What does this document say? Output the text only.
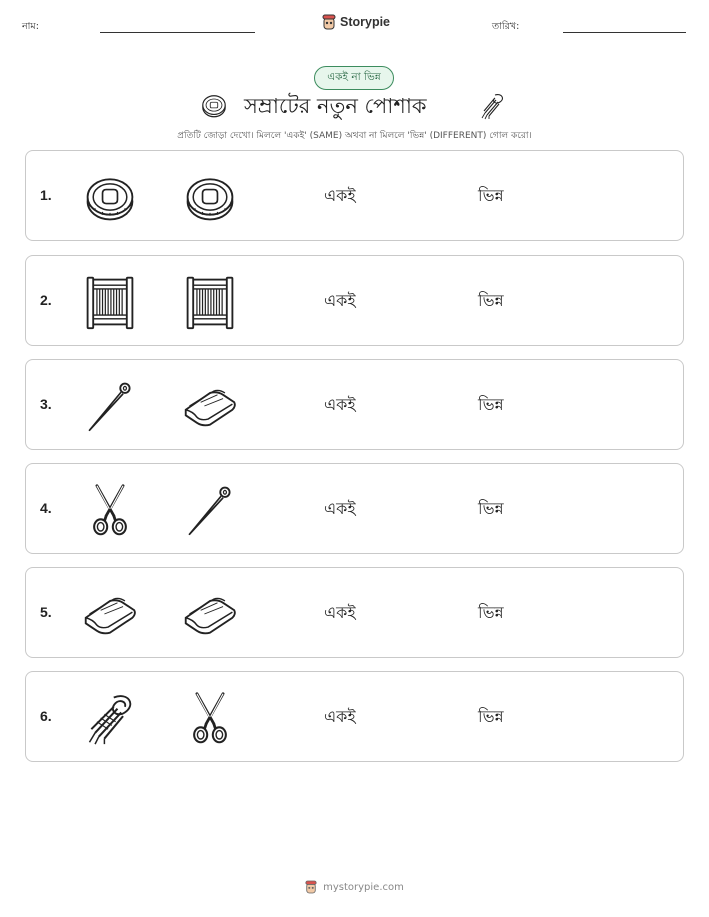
নাম:	Storypie	তারিখ:
একই না ভিন্ন
সম্রাটের নতুন পোশাক
প্রতিটি জোড়া দেখো। মিললে 'একই' (SAME) অথবা না মিললে 'ভিন্ন' (DIFFERENT) গোল করো।
1.	একই	ভিন্ন
2.	একই	ভিন্ন
3.	একই	ভিন্ন
4.	একই	ভিন্ন
5.	একই	ভিন্ন
6.	একই	ভিন্ন
mystorypie.com
